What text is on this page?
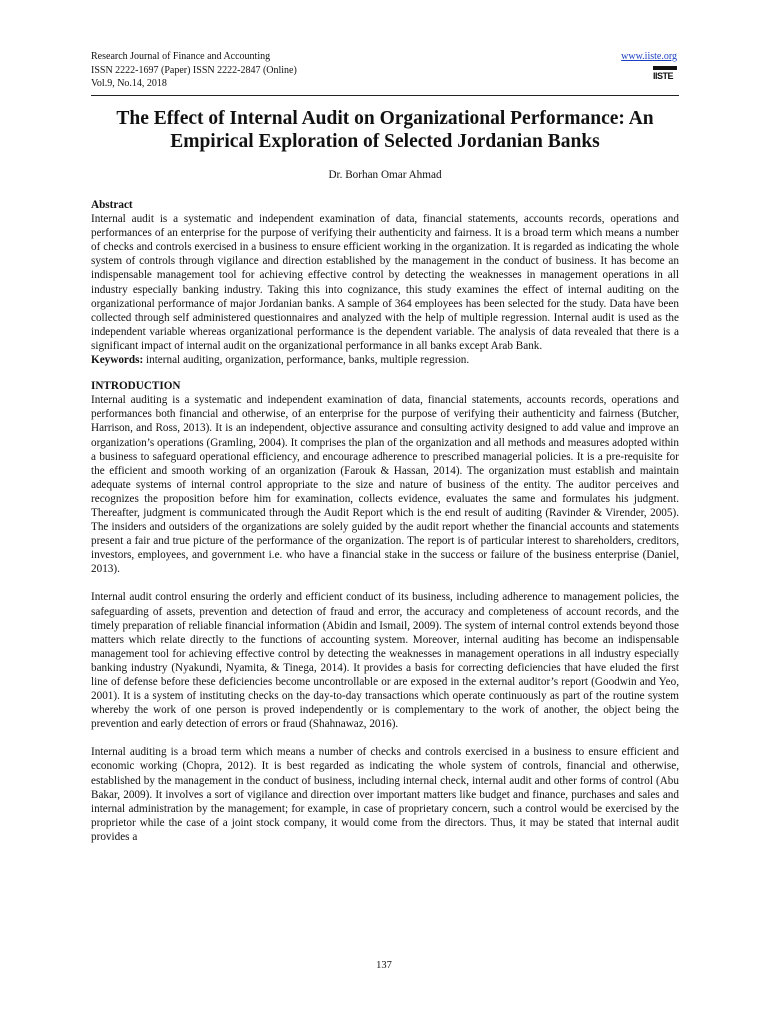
Research Journal of Finance and Accounting
ISSN 2222-1697 (Paper) ISSN 2222-2847 (Online)
Vol.9, No.14, 2018
www.iiste.org
IISTE
The Effect of Internal Audit on Organizational Performance: An Empirical Exploration of Selected Jordanian Banks
Dr. Borhan Omar Ahmad
Abstract

Internal audit is a systematic and independent examination of data, financial statements, accounts records, operations and performances of an enterprise for the purpose of verifying their authenticity and fairness. It is a broad term which means a number of checks and controls exercised in a business to ensure efficient working in the organization. It is regarded as indicating the whole system of controls through vigilance and direction established by the management in the conduct of business. It has become an indispensable management tool for achieving effective control by detecting the weaknesses in management operations in all industry especially banking industry. Taking this into cognizance, this study examines the effect of internal auditing on the organizational performance of major Jordanian banks. A sample of 364 employees has been selected for the study. Data have been collected through self administered questionnaires and analyzed with the help of multiple regression. Internal audit is used as the independent variable whereas organizational performance is the dependent variable. The analysis of data revealed that there is a significant impact of internal audit on the organizational performance in all banks except Arab Bank.

Keywords: internal auditing, organization, performance, banks, multiple regression.

INTRODUCTION

Internal auditing is a systematic and independent examination of data, financial statements, accounts records, operations and performances both financial and otherwise, of an enterprise for the purpose of verifying their authenticity and fairness (Butcher, Harrison, and Ross, 2013). It is an independent, objective assurance and consulting activity designed to add value and improve an organization’s operations (Gramling, 2004). It comprises the plan of the organization and all methods and measures adopted within a business to safeguard operational efficiency, and encourage adherence to prescribed managerial policies. It is a pre-requisite for the efficient and smooth working of an organization (Farouk & Hassan, 2014). The organization must establish and maintain adequate systems of internal control appropriate to the size and nature of business of the entity. The auditor perceives and recognizes the proposition before him for examination, collects evidence, evaluates the same and formulates his judgment. Thereafter, judgment is communicated through the Audit Report which is the end result of auditing (Ravinder & Virender, 2005). The insiders and outsiders of the organizations are solely guided by the audit report whether the financial accounts and statements present a fair and true picture of the performance of the organization. The report is of particular interest to shareholders, creditors, investors, employees, and government i.e. who have a financial stake in the success or failure of the business enterprise (Daniel, 2013).

Internal audit control ensuring the orderly and efficient conduct of its business, including adherence to management policies, the safeguarding of assets, prevention and detection of fraud and error, the accuracy and completeness of account records, and the timely preparation of reliable financial information (Abidin and Ismail, 2009). The system of internal control extends beyond those matters which relate directly to the functions of accounting system. Moreover, internal auditing has become an indispensable management tool for achieving effective control by detecting the weaknesses in management operations in all industry especially banking industry (Nyakundi, Nyamita, & Tinega, 2014). It provides a basis for correcting deficiencies that have eluded the first line of defense before these deficiencies become uncontrollable or are exposed in the external auditor’s report (Goodwin and Yeo, 2001). It is a system of instituting checks on the day-to-day transactions which operate continuously as part of the routine system whereby the work of one person is proved independently or is complementary to the work of another, the object being the prevention and early detection of errors or fraud (Shahnawaz, 2016).

Internal auditing is a broad term which means a number of checks and controls exercised in a business to ensure efficient and economic working (Chopra, 2012). It is best regarded as indicating the whole system of controls, financial and otherwise, established by the management in the conduct of business, including internal check, internal audit and other forms of control (Abu Bakar, 2009). It involves a sort of vigilance and direction over important matters like budget and finance, purchases and sales and internal administration by the management; for example, in case of proprietary concern, such a control would be exercised by the proprietor while the case of a joint stock company, it would come from the directors. Thus, it may be stated that internal audit provides a

137
